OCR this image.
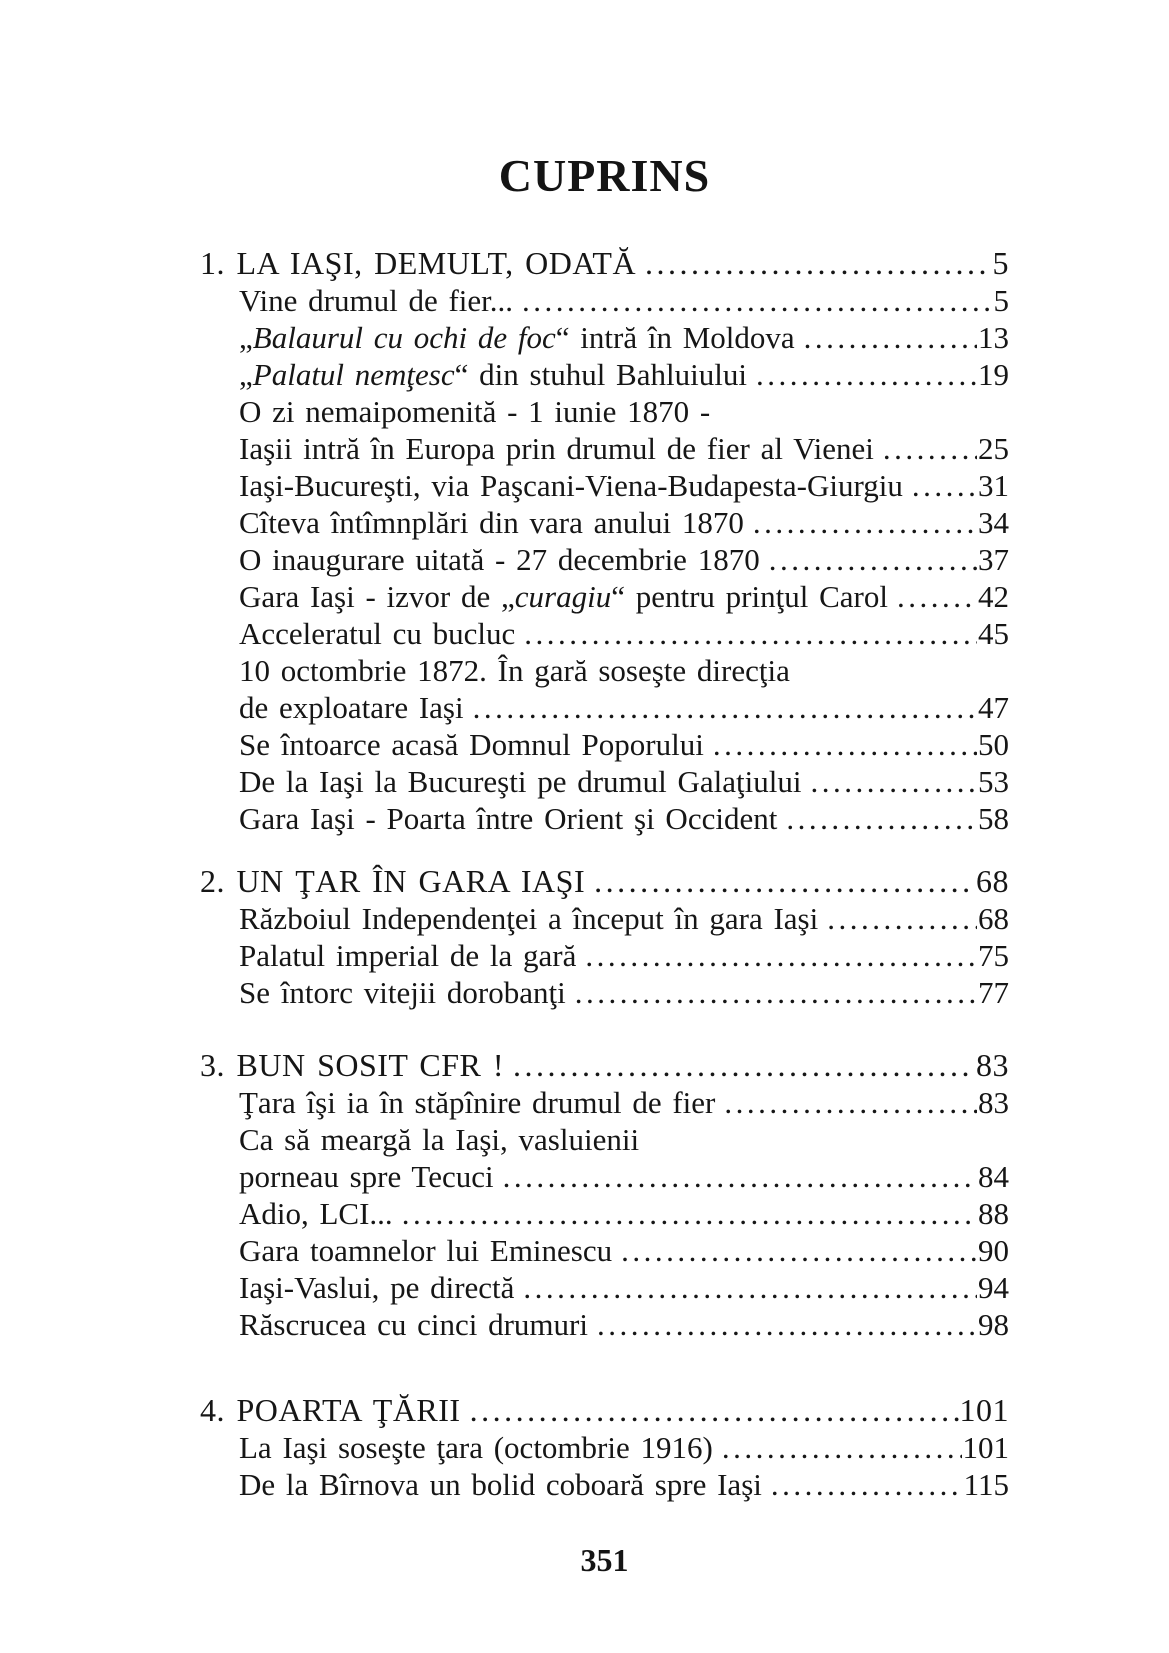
CUPRINS
1. LA IAŞI, DEMULT, ODATĂ .....	5
Vine drumul de fier... .....	5
„Balaurul cu ochi de foc“ intră în Moldova .....	13
„Palatul nemţesc“ din stuhul Bahluiului .....	19
O zi nemaipomenită - 1 iunie 1870 -
Iaşii intră în Europa prin drumul de fier al Vienei .....	25
Iaşi-Bucureşti, via Paşcani-Viena-Budapesta-Giurgiu ..... 31
Cîteva întîmnplări din vara anului 1870 .....	34
O inaugurare uitată - 27 decembrie 1870 .....	37
Gara Iaşi - izvor de „curagiu“ pentru prinţul Carol .....	42
Acceleratul cu bucluc .....	45
10 octombrie 1872. În gară soseşte direcţia
de exploatare Iaşi .....	47
Se întoarce acasă Domnul Poporului .....	50
De la Iaşi la Bucureşti pe drumul Galaţiului .....	53
Gara Iaşi - Poarta între Orient şi Occident .....	58
2. UN ŢAR ÎN GARA IAŞI .....	68
Războiul Independenţei a început în gara Iaşi .....	68
Palatul imperial de la gară .....	75
Se întorc vitejii dorobanţi .....	77
3. BUN SOSIT CFR ! .....	83
Ţara îşi ia în stăpînire drumul de fier .....	83
Ca să meargă la Iaşi, vasluienii
porneau spre Tecuci .....	84
Adio, LCI... .....	88
Gara toamnelor lui Eminescu .....	90
Iaşi-Vaslui, pe directă .....	94
Răscrucea cu cinci drumuri .....	98
4. POARTA ŢĂRII .....	101
La Iaşi soseşte ţara (octombrie 1916) .....	101
De la Bîrnova un bolid coboară spre Iaşi .....	115
351
